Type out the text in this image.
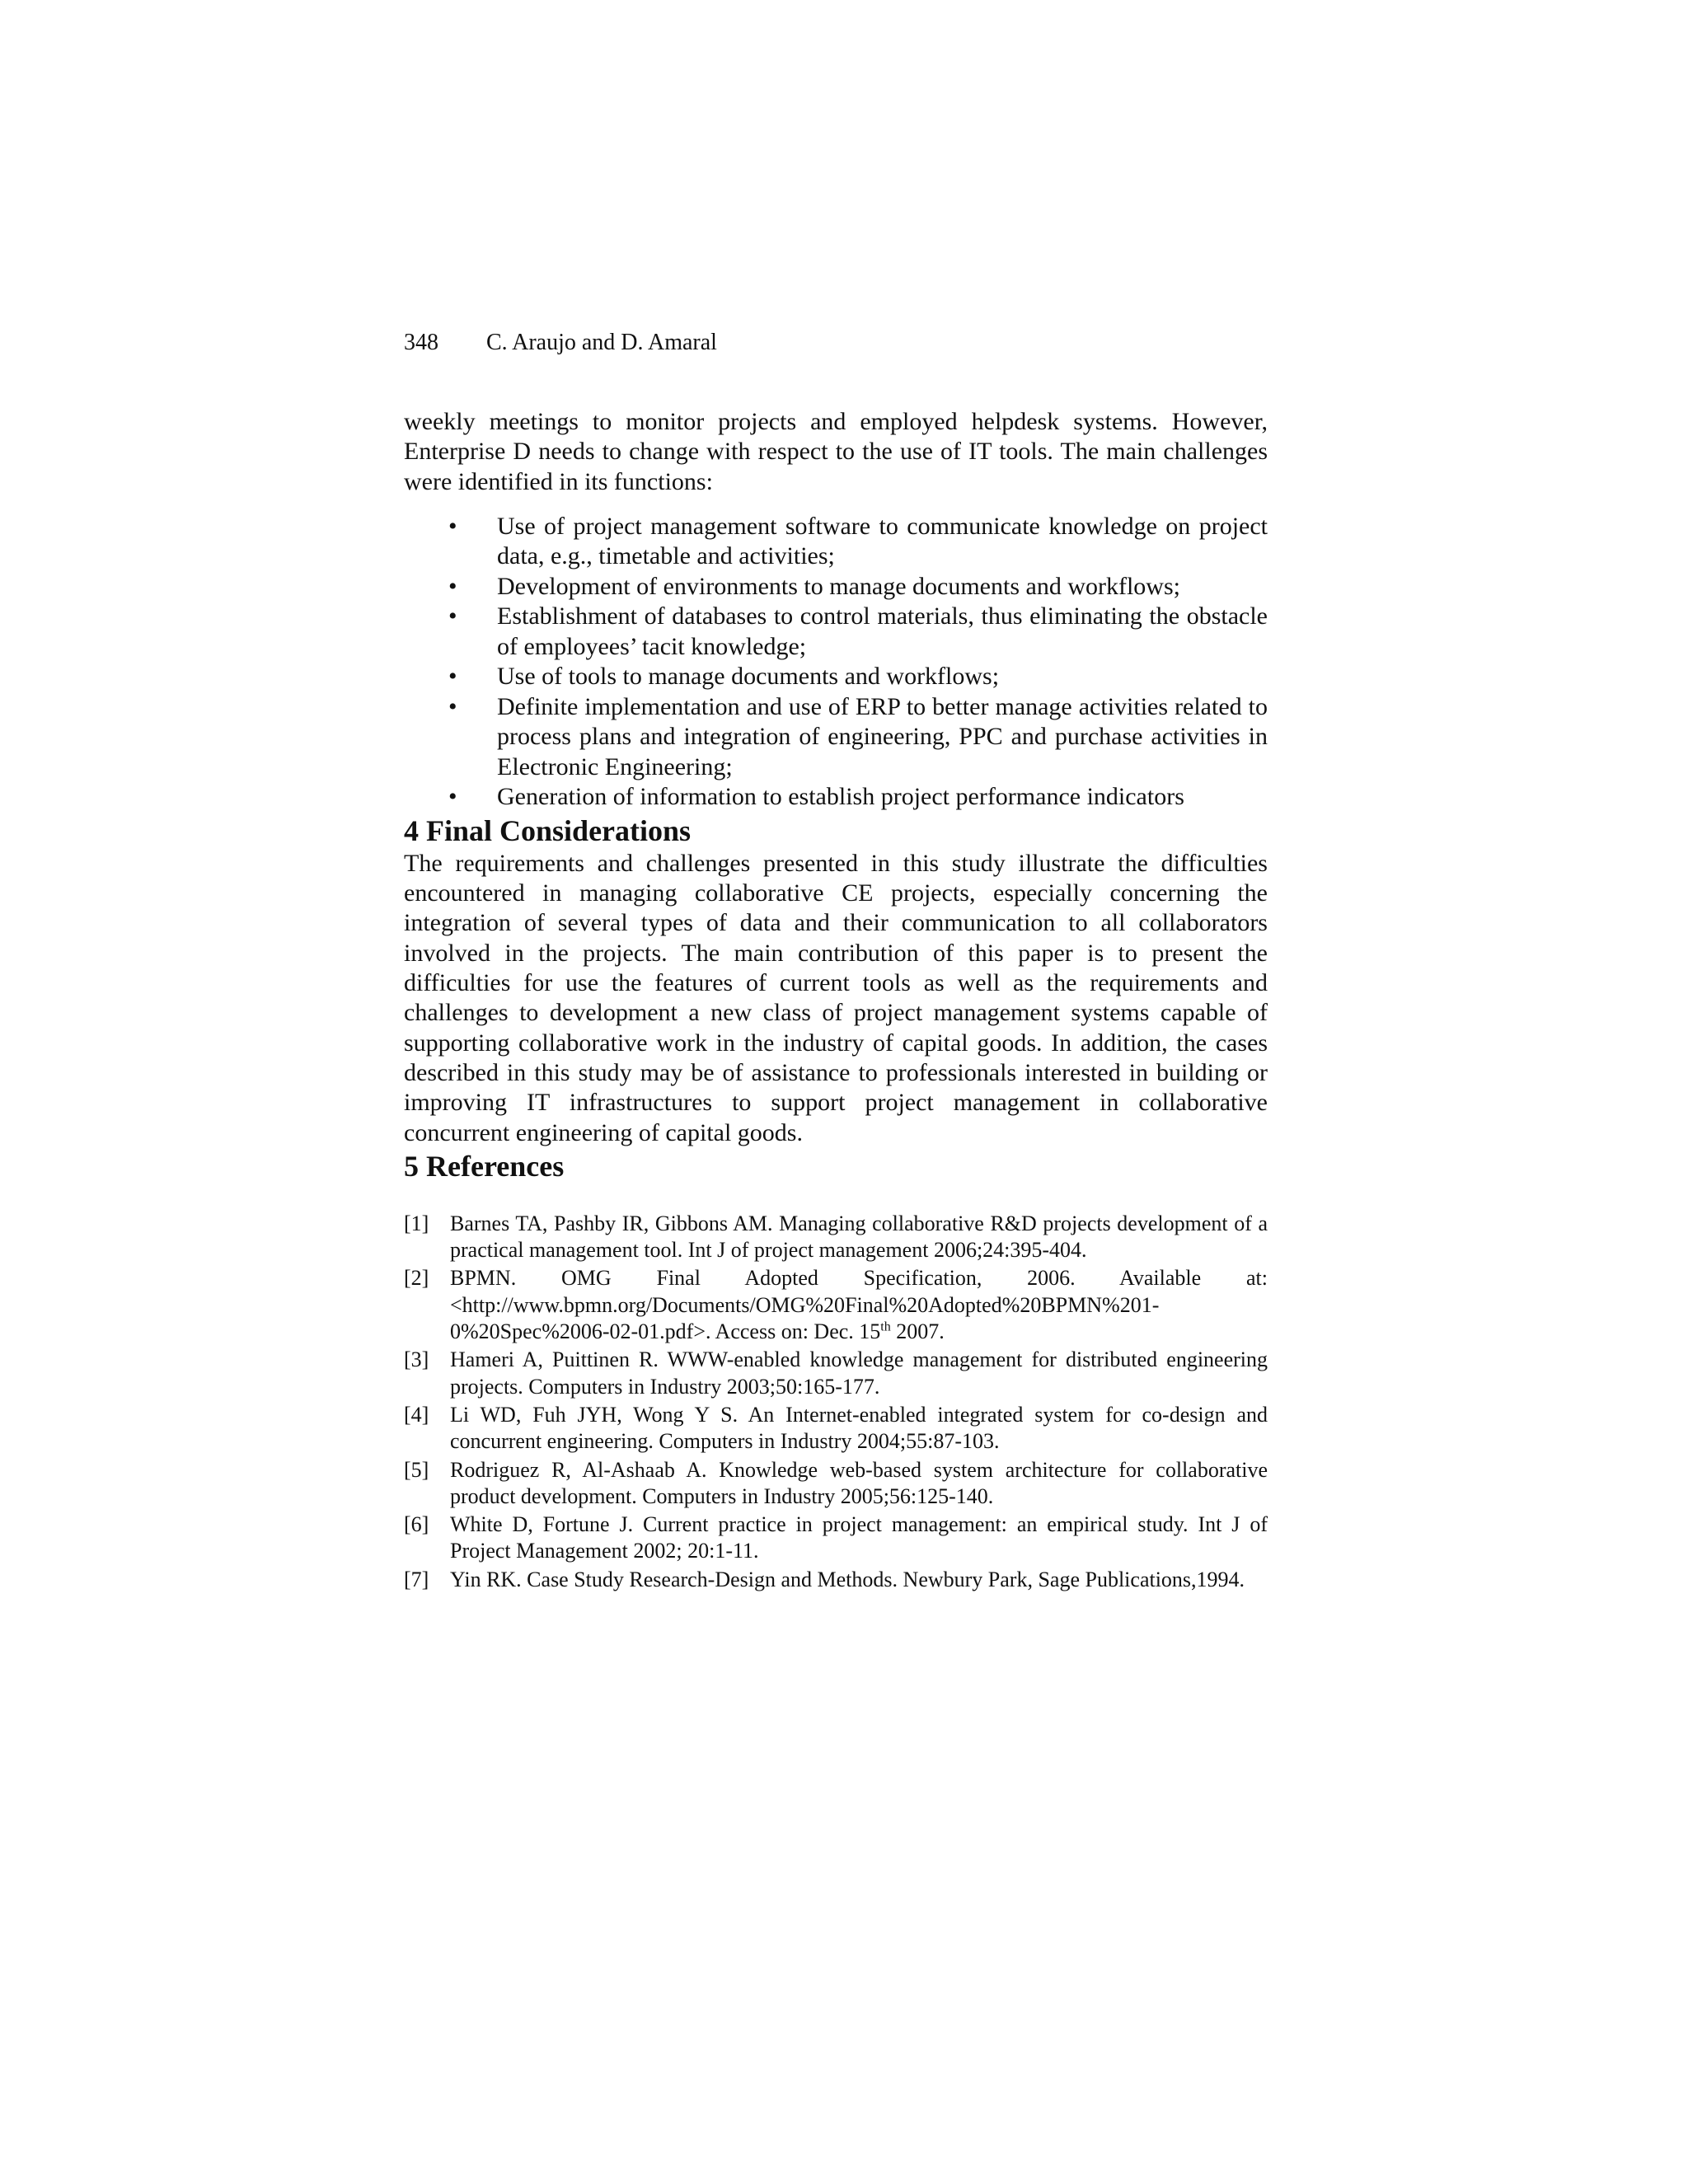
348 C. Araujo and D. Amaral

weekly meetings to monitor projects and employed helpdesk systems. However, Enterprise D needs to change with respect to the use of IT tools. The main challenges were identified in its functions:

• Use of project management software to communicate knowledge on project data, e.g., timetable and activities;
• Development of environments to manage documents and workflows;
• Establishment of databases to control materials, thus eliminating the obstacle of employees’ tacit knowledge;
• Use of tools to manage documents and workflows;
• Definite implementation and use of ERP to better manage activities related to process plans and integration of engineering, PPC and purchase activities in Electronic Engineering;
• Generation of information to establish project performance indicators
4 Final Considerations

The requirements and challenges presented in this study illustrate the difficulties encountered in managing collaborative CE projects, especially concerning the integration of several types of data and their communication to all collaborators involved in the projects. The main contribution of this paper is to present the difficulties for use the features of current tools as well as the requirements and challenges to development a new class of project management systems capable of supporting collaborative work in the industry of capital goods. In addition, the cases described in this study may be of assistance to professionals interested in building or improving IT infrastructures to support project management in collaborative concurrent engineering of capital goods.

5 References
[1] Barnes TA, Pashby IR, Gibbons AM. Managing collaborative R&D projects development of a practical management tool. Int J of project management 2006;24:395-404.
[2] BPMN. OMG Final Adopted Specification, 2006. Available at:
<http://www.bpmn.org/Documents/OMG%20Final%20Adopted%20BPMN%201-
0%20Spec%2006-02-01.pdf>. Access on: Dec. 15th 2007.
[3] Hameri A, Puittinen R. WWW-enabled knowledge management for distributed engineering projects. Computers in Industry 2003;50:165-177.
[4] Li WD, Fuh JYH, Wong Y S. An Internet-enabled integrated system for co-design and concurrent engineering. Computers in Industry 2004;55:87-103.
[5] Rodriguez R, Al-Ashaab A. Knowledge web-based system architecture for collaborative product development. Computers in Industry 2005;56:125-140.
[6] White D, Fortune J. Current practice in project management: an empirical study. Int J of Project Management 2002; 20:1-11.
[7] Yin RK. Case Study Research-Design and Methods. Newbury Park, Sage Publications,1994.
